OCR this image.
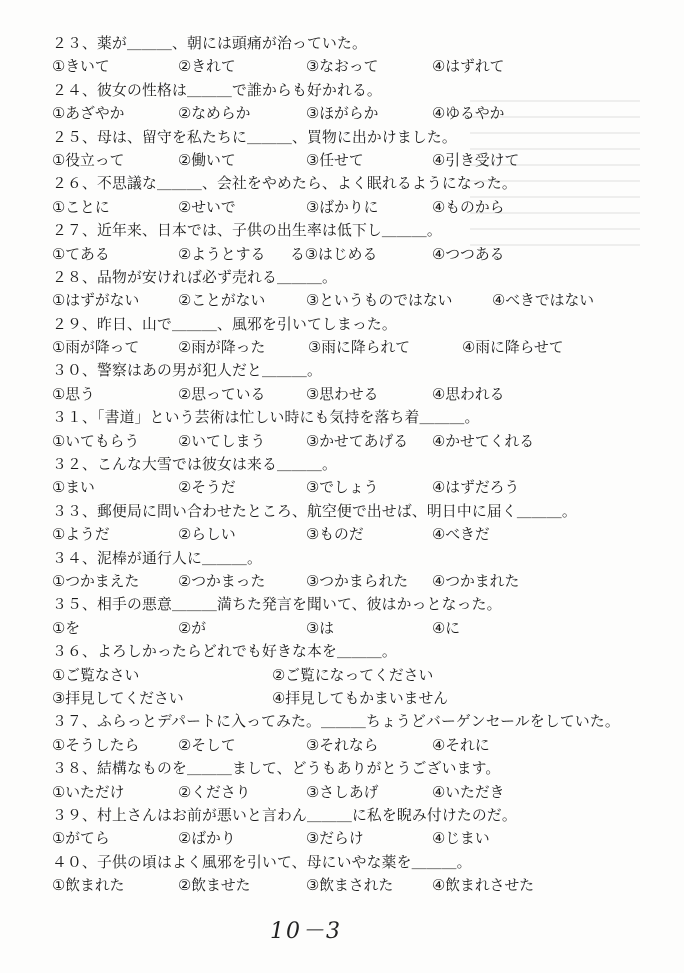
２３、薬が＿＿＿、朝には頭痛が治っていた。
①きいて	②きれて	③なおって	④はずれて
２４、彼女の性格は＿＿＿で誰からも好かれる。
①あざやか	②なめらか	③ほがらか	④ゆるやか
２５、母は、留守を私たちに＿＿＿、買物に出かけました。
①役立って	②働いて	③任せて	④引き受けて
２６、不思議な＿＿＿、会社をやめたら、よく眠れるようになった。
①ことに	②せいで	③ばかりに	④ものから
２７、近年来、日本では、子供の出生率は低下し＿＿＿。
①てある	②ようとする る③はじめる	④つつある
２８、品物が安ければ必ず売れる＿＿＿。
①はずがない	②ことがない	③というものではない	④べきではない
２９、昨日、山で＿＿＿、風邪を引いてしまった。
①雨が降って	②雨が降った	③雨に降られて	④雨に降らせて
３０、警察はあの男が犯人だと＿＿＿。
①思う	②思っている	③思わせる	④思われる
３１、「書道」という芸術は忙しい時にも気持を落ち着＿＿＿。
①いてもらう	②いてしまう	③かせてあげる ④かせてくれる
３２、こんな大雪では彼女は来る＿＿＿。
①まい	②そうだ	③でしょう	④はずだろう
３３、郵便局に問い合わせたところ、航空便で出せば、明日中に届く＿＿＿。
①ようだ	②らしい	③ものだ	④べきだ
３４、泥棒が通行人に＿＿＿。
①つかまえた	②つかまった	③つかまられた ④つかまれた
３５、相手の悪意＿＿＿満ちた発言を聞いて、彼はかっとなった。
①を	②が	③は	④に
３６、よろしかったらどれでも好きな本を＿＿＿。
①ご覧なさい	②ご覧になってください
③拝見してください	④拝見してもかまいません
３７、ふらっとデパートに入ってみた。＿＿＿ちょうどバーゲンセールをしていた。
①そうしたら	②そして	③それなら	④それに
３８、結構なものを＿＿＿まして、どうもありがとうございます。
①いただけ	②くださり	③さしあげ	④いただき
３９、村上さんはお前が悪いと言わん＿＿＿に私を睨み付けたのだ。
①がてら	②ばかり	③だらけ	④じまい
４０、子供の頃はよく風邪を引いて、母にいやな薬を＿＿＿。
①飲まれた	②飲ませた	③飲まされた	④飲まれさせた
10－3
